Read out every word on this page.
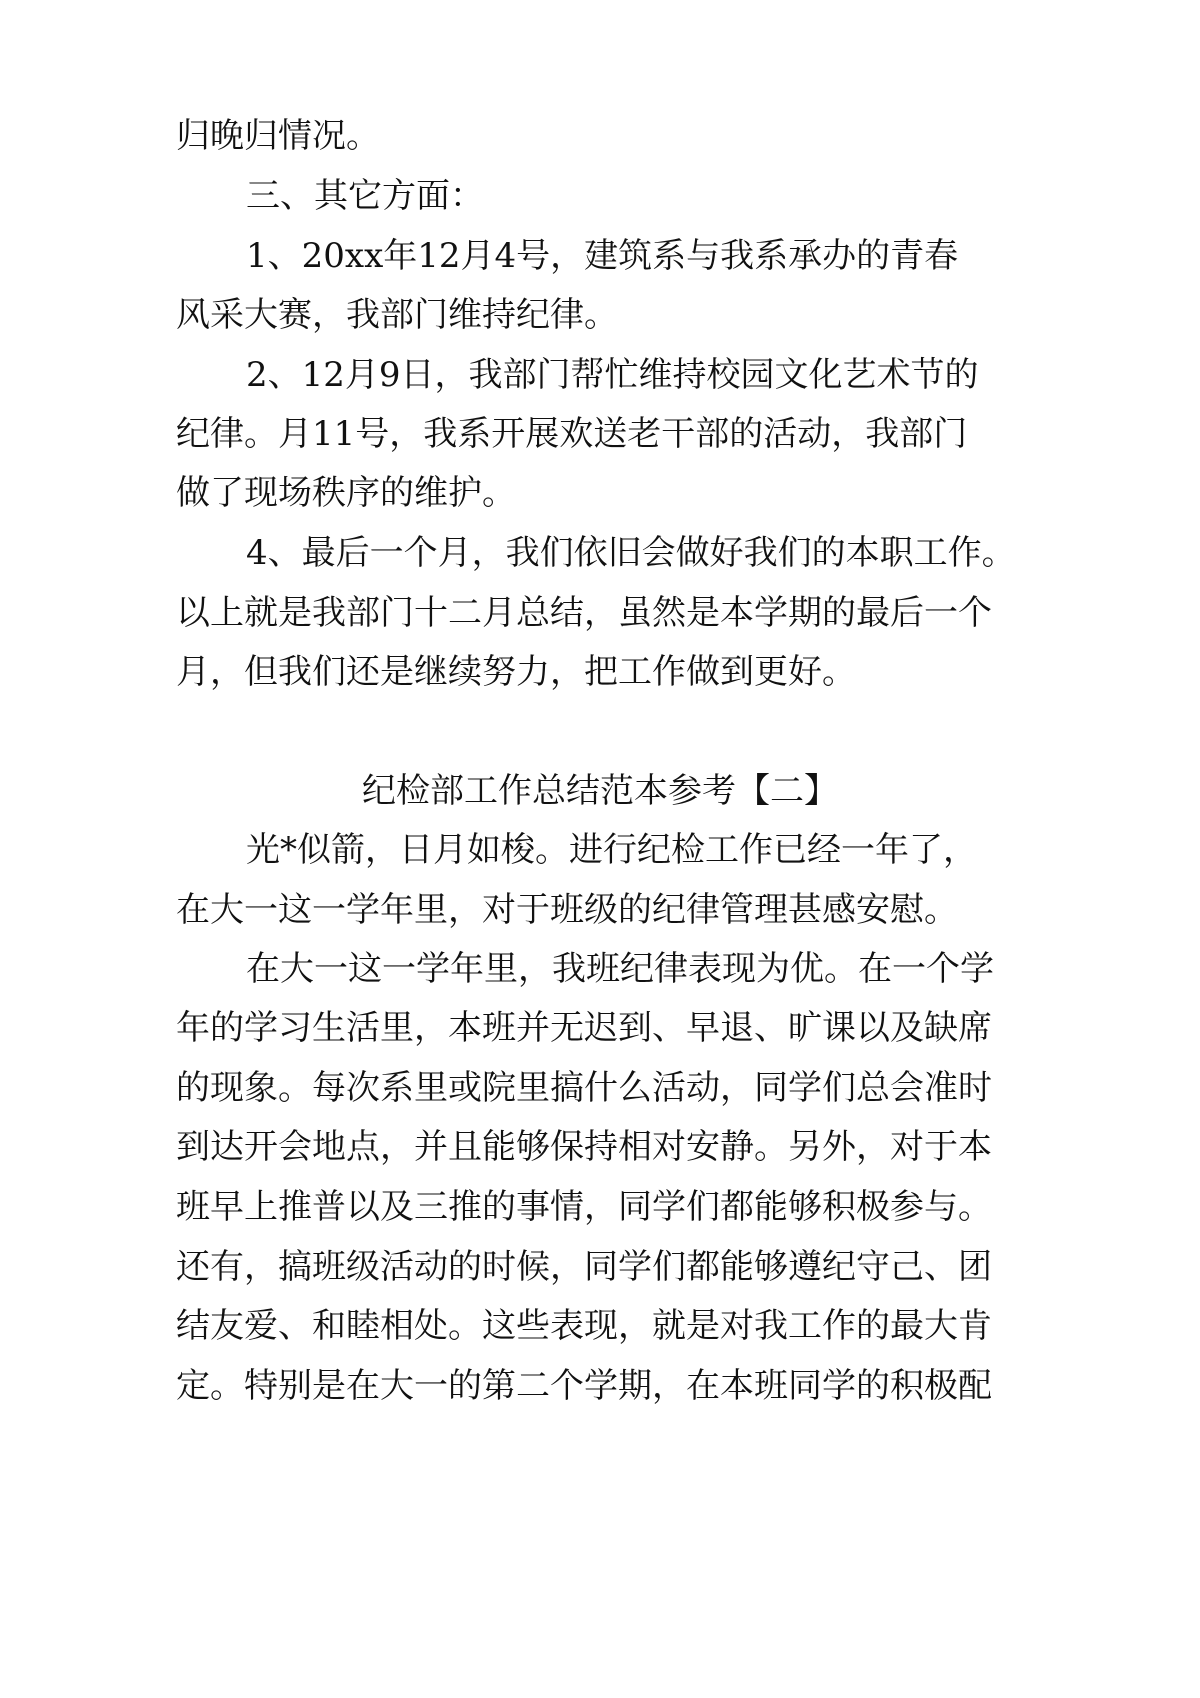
归晚归情况。
三、其它方面：
1、20xx年12月4号，建筑系与我系承办的青春
风采大赛，我部门维持纪律。
2、12月9日，我部门帮忙维持校园文化艺术节的
纪律。月11号，我系开展欢送老干部的活动，我部门
做了现场秩序的维护。
4、最后一个月，我们依旧会做好我们的本职工作。
以上就是我部门十二月总结，虽然是本学期的最后一个
月，但我们还是继续努力，把工作做到更好。
纪检部工作总结范本参考【二】
光*似箭，日月如梭。进行纪检工作已经一年了，
在大一这一学年里，对于班级的纪律管理甚感安慰。
在大一这一学年里，我班纪律表现为优。在一个学
年的学习生活里，本班并无迟到、早退、旷课以及缺席
的现象。每次系里或院里搞什么活动，同学们总会准时
到达开会地点，并且能够保持相对安静。另外，对于本
班早上推普以及三推的事情，同学们都能够积极参与。
还有，搞班级活动的时候，同学们都能够遵纪守己、团
结友爱、和睦相处。这些表现，就是对我工作的最大肯
定。特别是在大一的第二个学期，在本班同学的积极配
